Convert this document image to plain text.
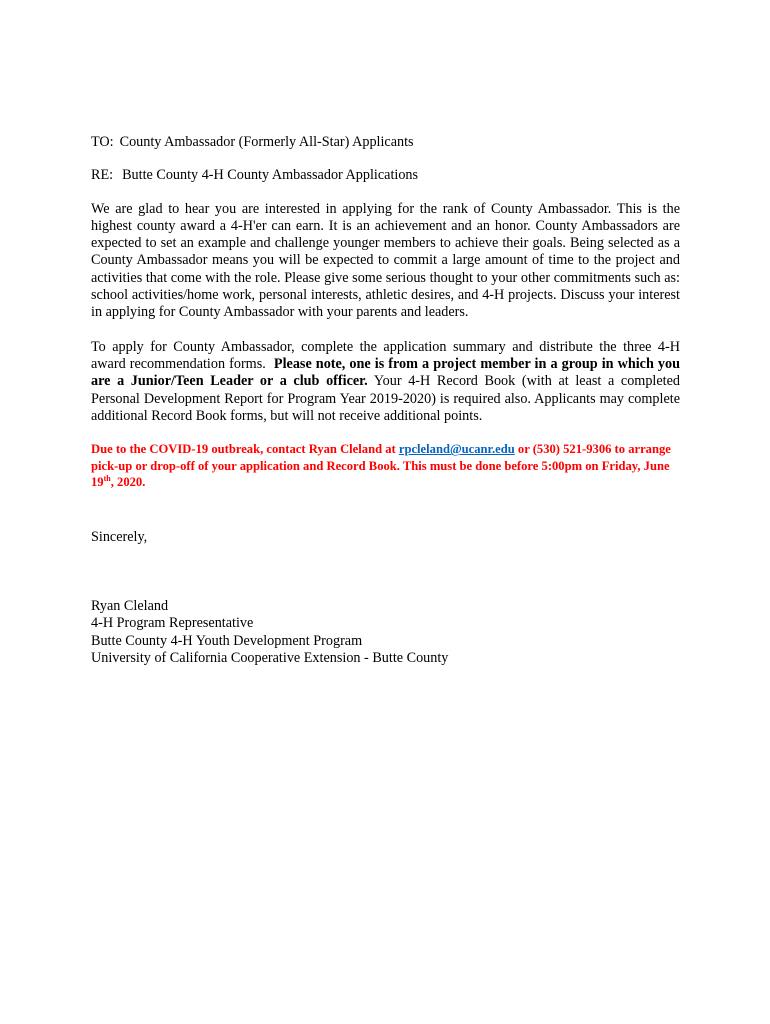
TO: County Ambassador (Formerly All-Star) Applicants

RE: Butte County 4-H County Ambassador Applications

We are glad to hear you are interested in applying for the rank of County Ambassador. This is the highest county award a 4-H'er can earn. It is an achievement and an honor. County Ambassadors are expected to set an example and challenge younger members to achieve their goals. Being selected as a County Ambassador means you will be expected to commit a large amount of time to the project and activities that come with the role. Please give some serious thought to your other commitments such as: school activities/home work, personal interests, athletic desires, and 4-H projects. Discuss your interest in applying for County Ambassador with your parents and leaders.

To apply for County Ambassador, complete the application summary and distribute the three 4-H award recommendation forms. Please note, one is from a project member in a group in which you are a Junior/Teen Leader or a club officer. Your 4-H Record Book (with at least a completed Personal Development Report for Program Year 2019-2020) is required also. Applicants may complete additional Record Book forms, but will not receive additional points.

Due to the COVID-19 outbreak, contact Ryan Cleland at rpcleland@ucanr.edu or (530) 521-9306 to arrange pick-up or drop-off of your application and Record Book. This must be done before 5:00pm on Friday, June 19th, 2020.

Sincerely,

Ryan Cleland
4-H Program Representative
Butte County 4-H Youth Development Program
University of California Cooperative Extension - Butte County
